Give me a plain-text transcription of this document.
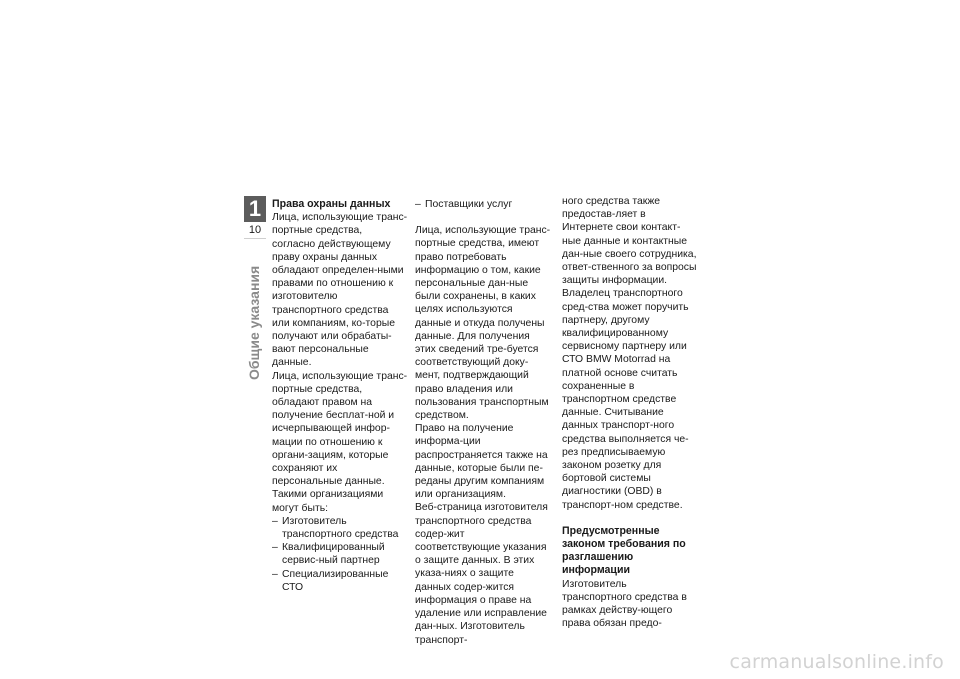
1
10
Общие указания
Права охраны данных

Лица, использующие транс-портные средства, согласно действующему праву охраны данных обладают определен-ными правами по отношению к изготовителю транспортного средства или компаниям, ко-торые получают или обрабаты-вают персональные данные.

Лица, использующие транс-портные средства, обладают правом на получение бесплат-ной и исчерпывающей инфор-мации по отношению к органи-зациям, которые сохраняют их персональные данные.

Такими организациями могут быть:

– Изготовитель транспортного средства
– Квалифицированный сервис-ный партнер
– Специализированные СТО
– Поставщики услуг

Лица, использующие транс-портные средства, имеют право потребовать информацию о том, какие персональные дан-ные были сохранены, в каких целях используются данные и откуда получены данные. Для получения этих сведений тре-буется соответствующий доку-мент, подтверждающий право владения или пользования транспортным средством.

Право на получение информа-ции распространяется также на данные, которые были пе-реданы другим компаниям или организациям.

Веб-страница изготовителя транспортного средства содер-жит соответствующие указания о защите данных. В этих указа-ниях о защите данных содер-жится информация о праве на удаление или исправление дан-ных. Изготовитель транспорт-

ного средства также предостав-ляет в Интернете свои контакт-ные данные и контактные дан-ные своего сотрудника, ответ-ственного за вопросы защиты информации.

Владелец транспортного сред-ства может поручить партнеру, другому квалифицированному сервисному партнеру или СТО BMW Motorrad на платной основе считать сохраненные в транспортном средстве данные. Считывание данных транспорт-ного средства выполняется че-рез предписываемую законом розетку для бортовой системы диагностики (OBD) в транспорт-ном средстве.

Предусмотренные законом требования по разглашению информации

Изготовитель транспортного средства в рамках действу-ющего права обязан предо-

carmanualsonline.info
